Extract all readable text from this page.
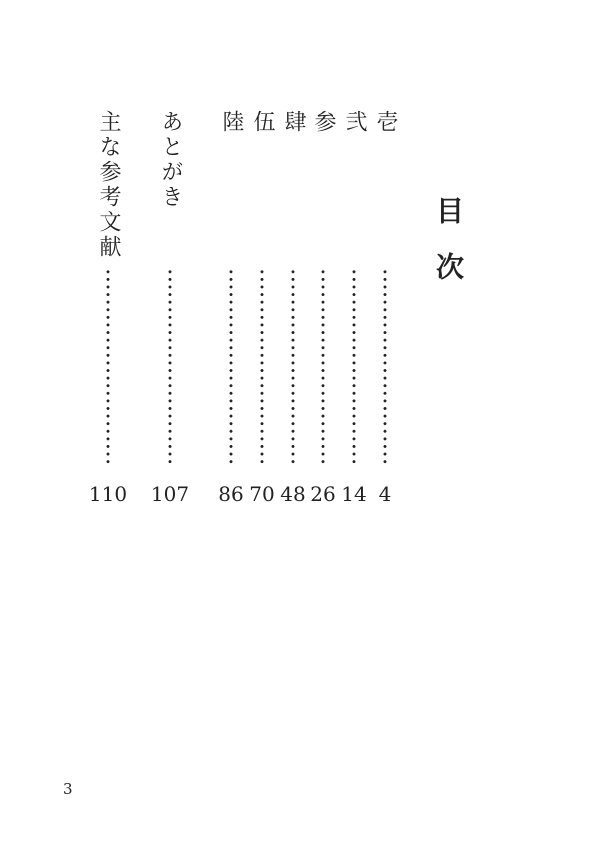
目次
壱
4
弐
14
参
26
肆
48
伍
70
陸
86
あとがき
107
主な参考文献
110
3
